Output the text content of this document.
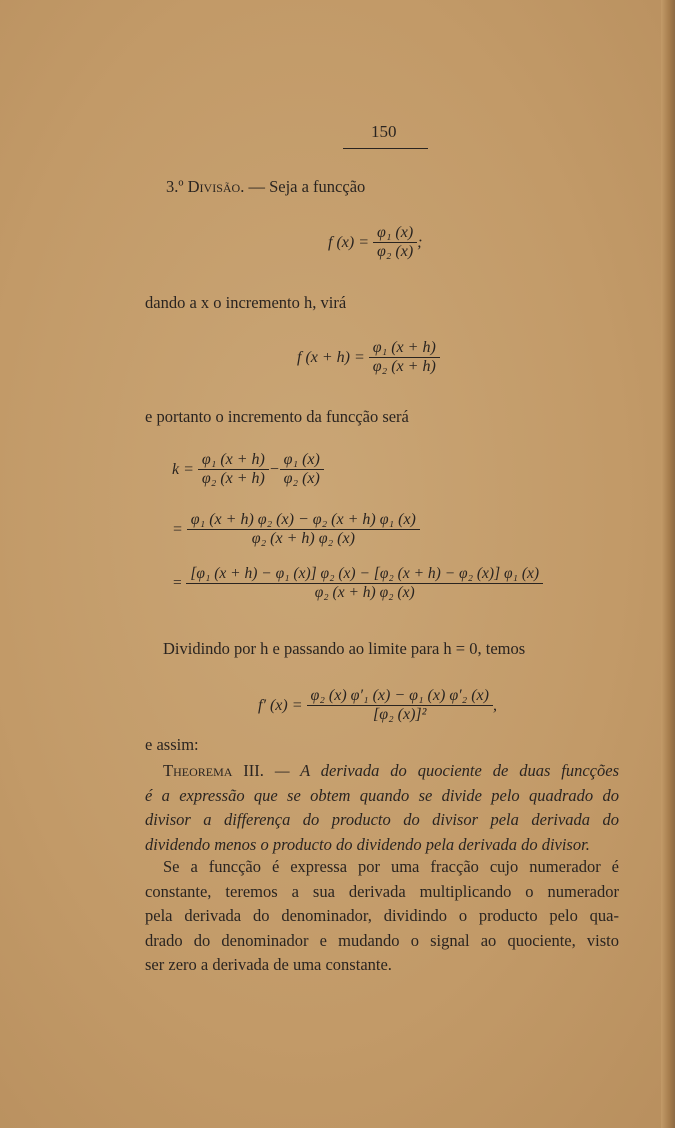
150
3.º Divisão. — Seja a funcção
f $(x) = \frac{\text{φ₁ (x)}}{\text{φ₂ (x)}}$ ;
dando a x o incremento h, virá
f $(x + h) = \frac{\text{φ₁ (x + h)}}{\text{φ₂ (x + h)}}$
e portanto o incremento da funcção será
$k = \frac{\text{φ₁ (x + h)}}{\text{φ₂ (x + h)}} - \frac{\text{φ₁ (x)}}{\text{φ₂ (x)}}$
= $\frac{\text{φ₁ (x + h) φ₂ (x) − φ₂ (x + h) φ₁ (x)}}{\text{φ₂ (x + h) φ₂ (x)}}$
= $\frac{\text{[φ₁ (x + h) − φ₁ (x)] φ₂ (x) − [φ₂ (x + h) − φ₂ (x)] φ₁ (x)}}{\text{φ₂ (x + h) φ₂ (x)}}$
Dividindo por h e passando ao limite para h = 0, temos
f′ $(x) = \frac{\text{φ₂ (x) φ′₁ (x) − φ₁ (x) φ′₂ (x)}}{\text{[φ₂ (x)]²}}$ ,
e assim:
Theorema III. — A derivada do quociente de duas funcções
é a expressão que se obtem quando se divide pelo quadrado do
divisor a differença do producto do divisor pela derivada do
dividendo menos o producto do dividendo pela derivada do divisor.
Se a funcção é expressa por uma fracção cujo numerador é
constante, teremos a sua derivada multiplicando o numerador
pela derivada do denominador, dividindo o producto pelo qua-
drado do denominador e mudando o signal ao quociente, visto
ser zero a derivada de uma constante.
